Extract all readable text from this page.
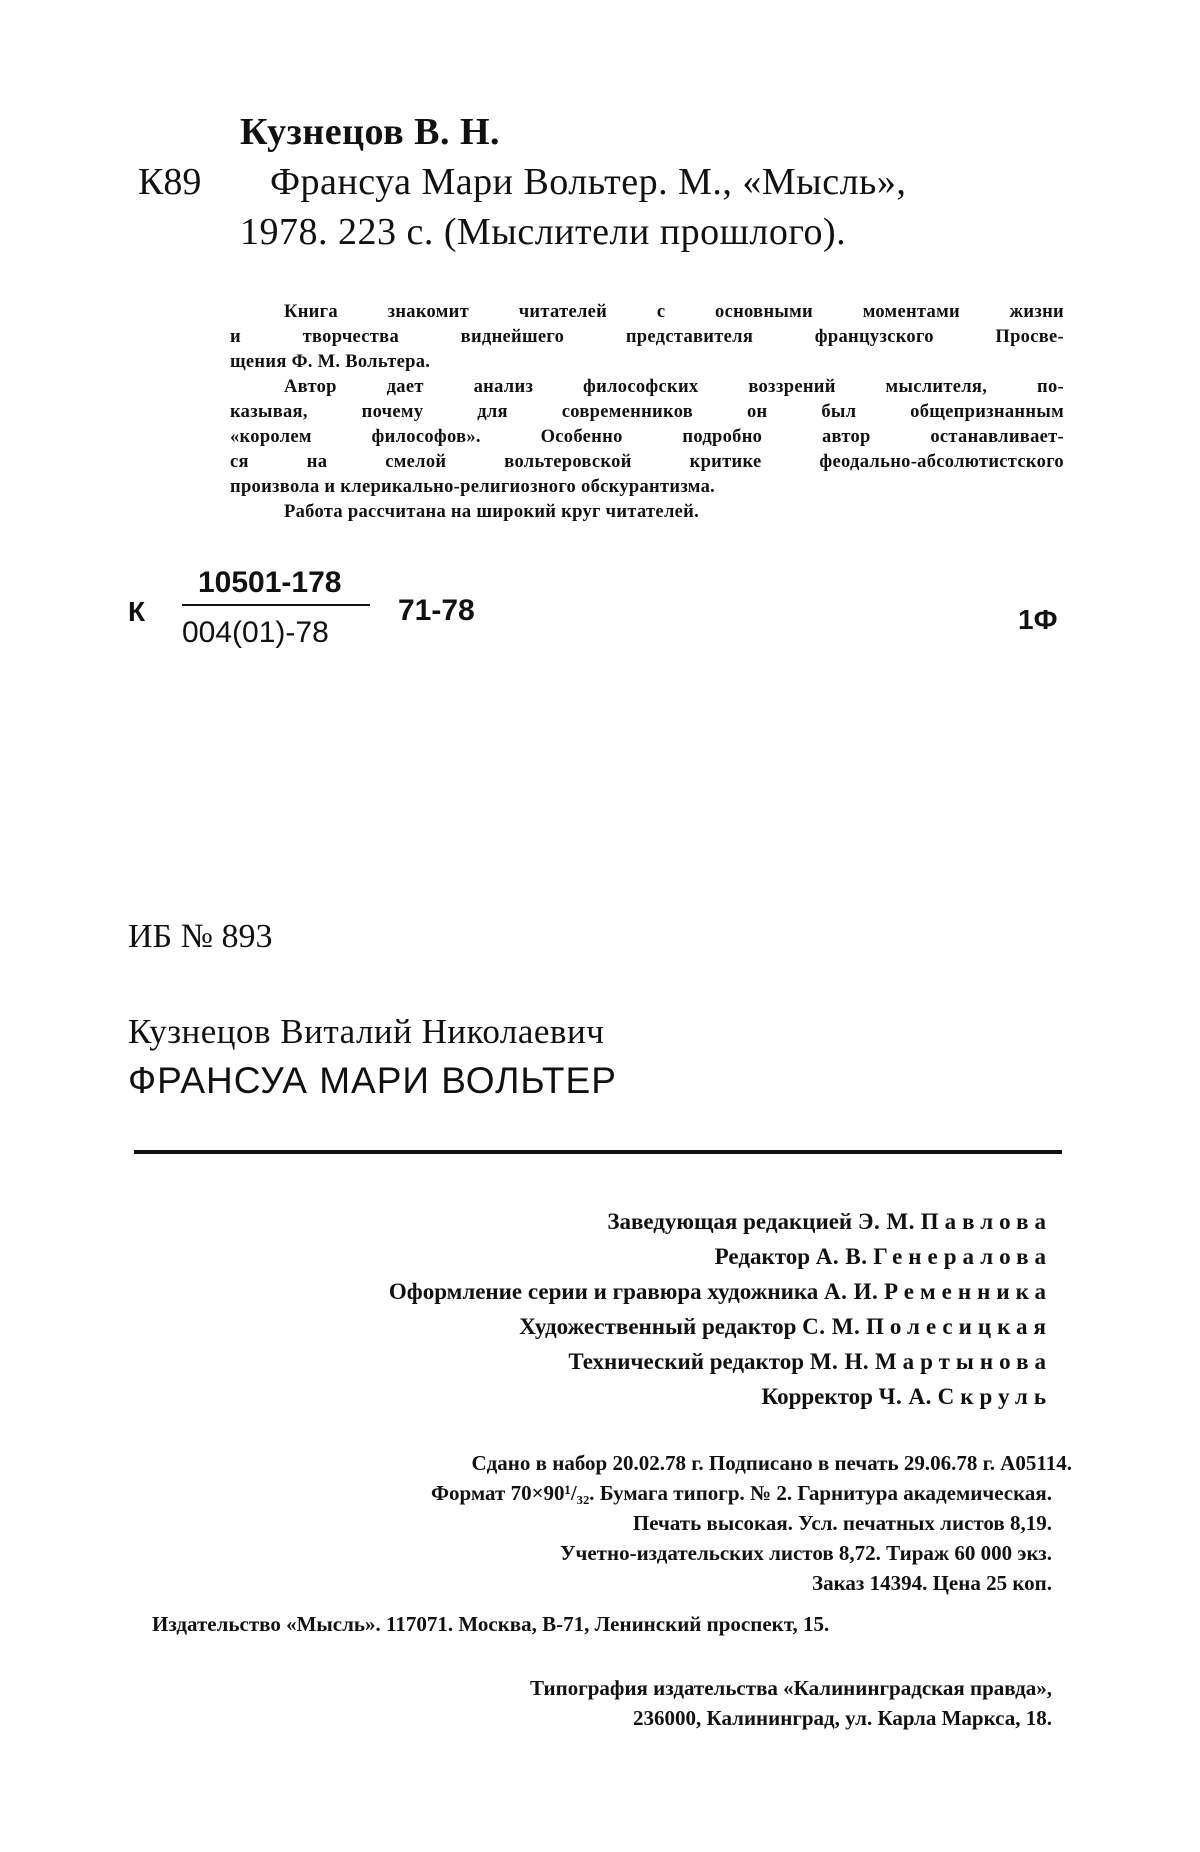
Кузнецов В. Н.
К89 Франсуа Мари Вольтер. М., «Мысль»,
1978. 223 с. (Мыслители прошлого).

Книга знакомит читателей с основными моментами жизни

и творчества виднейшего представителя французского Просве-

щения Ф. М. Вольтера.

Автор дает анализ философских воззрений мыслителя, по-

казывая, почему для современников он был общепризнанным

«королем философов». Особенно подробно автор останавливает-

ся на смелой вольтеровской критике феодально-абсолютистского

произвола и клерикально-религиозного обскурантизма.

Работа рассчитана на широкий круг читателей.

К
10501-178
004(01)-78
71-78	1Ф
ИБ № 893
Кузнецов Виталий Николаевич
ФРАНСУА МАРИ ВОЛЬТЕР
Заведующая редакцией Э. М. Павлова
Редактор А. В. Генералова
Оформление серии и гравюра художника А. И. Ременника
Художественный редактор С. М. Полесицкая
Технический редактор М. Н. Мартынова
Корректор Ч. А. Скруль
Сдано в набор 20.02.78 г. Подписано в печать 29.06.78 г. А05114.
Формат 70×90¹/₃₂. Бумага типогр. № 2. Гарнитура академическая.
Печать высокая. Усл. печатных листов 8,19.
Учетно-издательских листов 8,72. Тираж 60 000 экз.
Заказ 14394. Цена 25 коп.
Издательство «Мысль». 117071. Москва, В-71, Ленинский проспект, 15.
Типография издательства «Калининградская правда»,
236000, Калининград, ул. Карла Маркса, 18.
